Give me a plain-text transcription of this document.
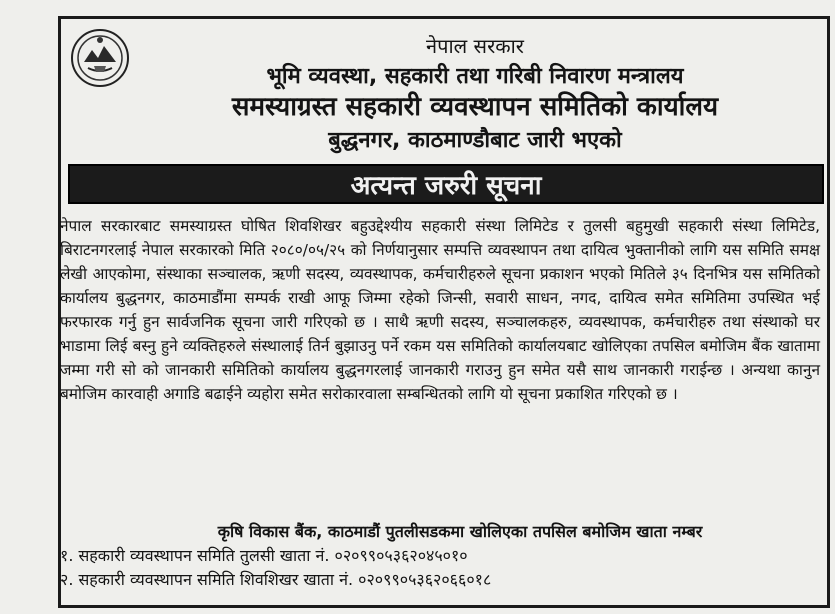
नेपाल सरकार
भूमि व्यवस्था, सहकारी तथा गरिबी निवारण मन्त्रालय
समस्याग्रस्त सहकारी व्यवस्थापन समितिको कार्यालय
बुद्धनगर, काठमाण्डौबाट जारी भएको
अत्यन्त जरुरी सूचना
नेपाल सरकारबाट समस्याग्रस्त घोषित शिवशिखर बहुउद्देश्यीय सहकारी संस्था लिमिटेड र तुलसी बहुमुखी सहकारी संस्था लिमिटेड, बिराटनगरलाई नेपाल सरकारको मिति २०८०/०५/२५ को निर्णयानुसार सम्पत्ति व्यवस्थापन तथा दायित्व भुक्तानीको लागि यस समिति समक्ष लेखी आएकोमा, संस्थाका सञ्चालक, ऋणी सदस्य, व्यवस्थापक, कर्मचारीहरुले सूचना प्रकाशन भएको मितिले ३५ दिनभित्र यस समितिको कार्यालय बुद्धनगर, काठमाडौंमा सम्पर्क राखी आफू जिम्मा रहेको जिन्सी, सवारी साधन, नगद, दायित्व समेत समितिमा उपस्थित भई फरफारक गर्नु हुन सार्वजनिक सूचना जारी गरिएको छ । साथै ऋणी सदस्य, सञ्चालकहरु, व्यवस्थापक, कर्मचारीहरु तथा संस्थाको घर भाडामा लिई बस्नु हुने व्यक्तिहरुले संस्थालाई तिर्न बुझाउनु पर्ने रकम यस समितिको कार्यालयबाट खोलिएका तपसिल बमोजिम बैंक खातामा जम्मा गरी सो को जानकारी समितिको कार्यालय बुद्धनगरलाई जानकारी गराउनु हुन समेत यसै साथ जानकारी गराईन्छ । अन्यथा कानुन बमोजिम कारवाही अगाडि बढाईने व्यहोरा समेत सरोकारवाला सम्बन्धितको लागि यो सूचना प्रकाशित गरिएको छ ।
कृषि विकास बैंक, काठमाडौं पुतलीसडकमा खोलिएका तपसिल बमोजिम खाता नम्बर
१. सहकारी व्यवस्थापन समिति तुलसी खाता नं. ०२०९९०५३६२०४५०१०
२. सहकारी व्यवस्थापन समिति शिवशिखर खाता नं. ०२०९९०५३६२०६६०१८
